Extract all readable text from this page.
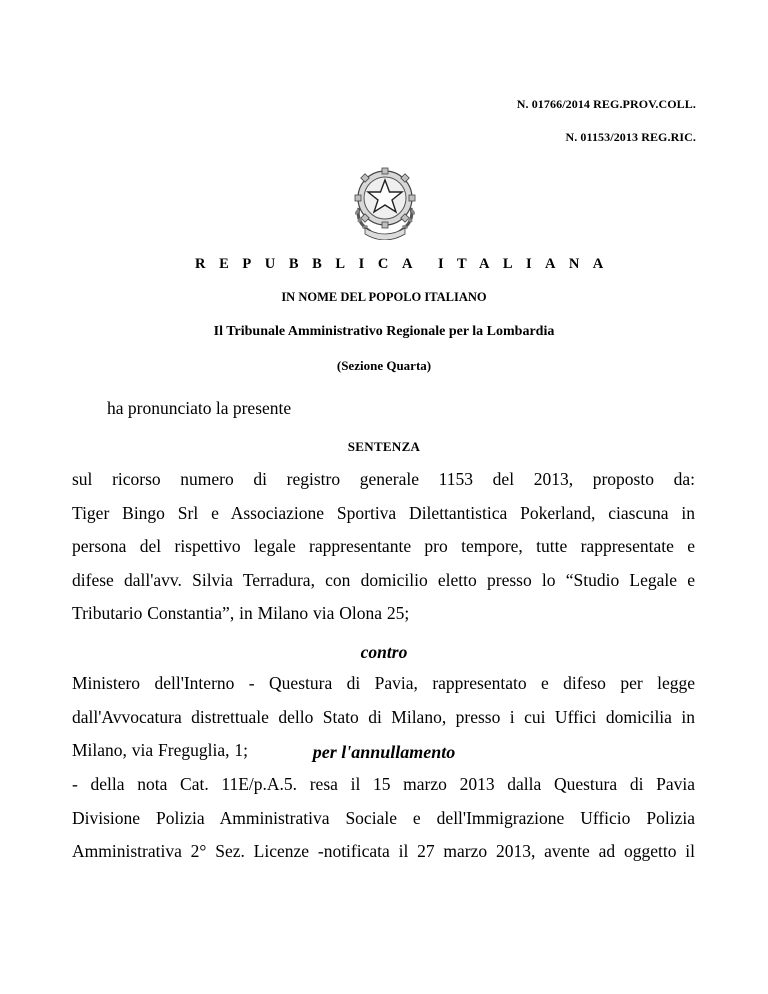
N. 01766/2014 REG.PROV.COLL.
N. 01153/2013 REG.RIC.
REPUBBLICA ITALIANA
IN NOME DEL POPOLO ITALIANO
Il Tribunale Amministrativo Regionale per la Lombardia
(Sezione Quarta)
ha pronunciato la presente
SENTENZA
sul ricorso numero di registro generale 1153 del 2013, proposto da:
Tiger Bingo Srl e Associazione Sportiva Dilettantistica Pokerland, ciascuna in
persona del rispettivo legale rappresentante pro tempore, tutte rappresentate e
difese dall'avv. Silvia Terradura, con domicilio eletto presso lo “Studio Legale e
Tributario Constantia”, in Milano via Olona 25;
contro
Ministero dell'Interno - Questura di Pavia, rappresentato e difeso per legge
dall'Avvocatura distrettuale dello Stato di Milano, presso i cui Uffici domicilia in
Milano, via Freguglia, 1;	per l'annullamento
- della nota Cat. 11E/p.A.5. resa il 15 marzo 2013 dalla Questura di Pavia
Divisione Polizia Amministrativa Sociale e dell'Immigrazione Ufficio Polizia
Amministrativa 2° Sez. Licenze -notificata il 27 marzo 2013, avente ad oggetto il
